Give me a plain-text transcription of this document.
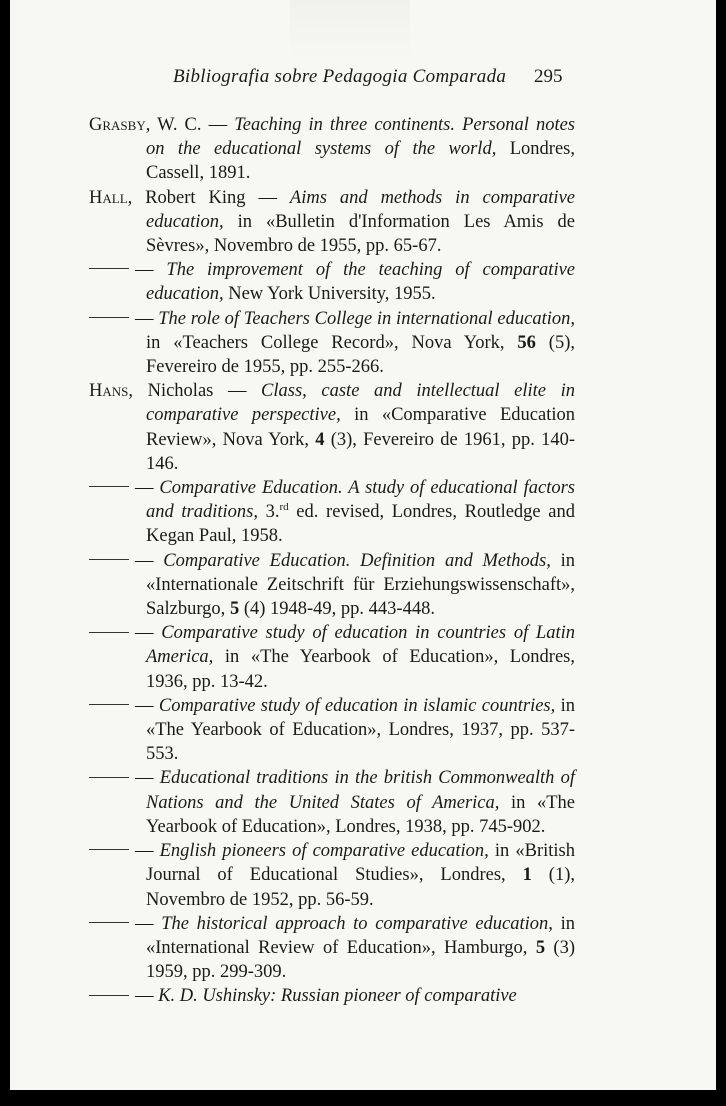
Bibliografia sobre Pedagogia Comparada 295

Grasby, W. C. — Teaching in three continents. Personal notes on the educational systems of the world, Londres, Cassell, 1891.

Hall, Robert King — Aims and methods in comparative education, in «Bulletin d'Information Les Amis de Sèvres», Novembro de 1955, pp. 65-67.

— The improvement of the teaching of comparative education, New York University, 1955.

— The role of Teachers College in international education, in «Teachers College Record», Nova York, 56 (5), Fevereiro de 1955, pp. 255-266.

Hans, Nicholas — Class, caste and intellectual elite in comparative perspective, in «Comparative Education Review», Nova York, 4 (3), Fevereiro de 1961, pp. 140-146.

— Comparative Education. A study of educational factors and traditions, 3.$^{rd}$ ed. revised, Londres, Routledge and Kegan Paul, 1958.

— Comparative Education. Definition and Methods, in «Internationale Zeitschrift für Erziehungswissenschaft», Salzburgo, 5 (4) 1948-49, pp. 443-448.

— Comparative study of education in countries of Latin America, in «The Yearbook of Education», Londres, 1936, pp. 13-42.

— Comparative study of education in islamic countries, in «The Yearbook of Education», Londres, 1937, pp. 537-553.

— Educational traditions in the british Commonwealth of Nations and the United States of America, in «The Yearbook of Education», Londres, 1938, pp. 745-902.

— English pioneers of comparative education, in «British Journal of Educational Studies», Londres, 1 (1), Novembro de 1952, pp. 56-59.

— The historical approach to comparative education, in «International Review of Education», Hamburgo, 5 (3) 1959, pp. 299-309.

— K. D. Ushinsky: Russian pioneer of comparative
